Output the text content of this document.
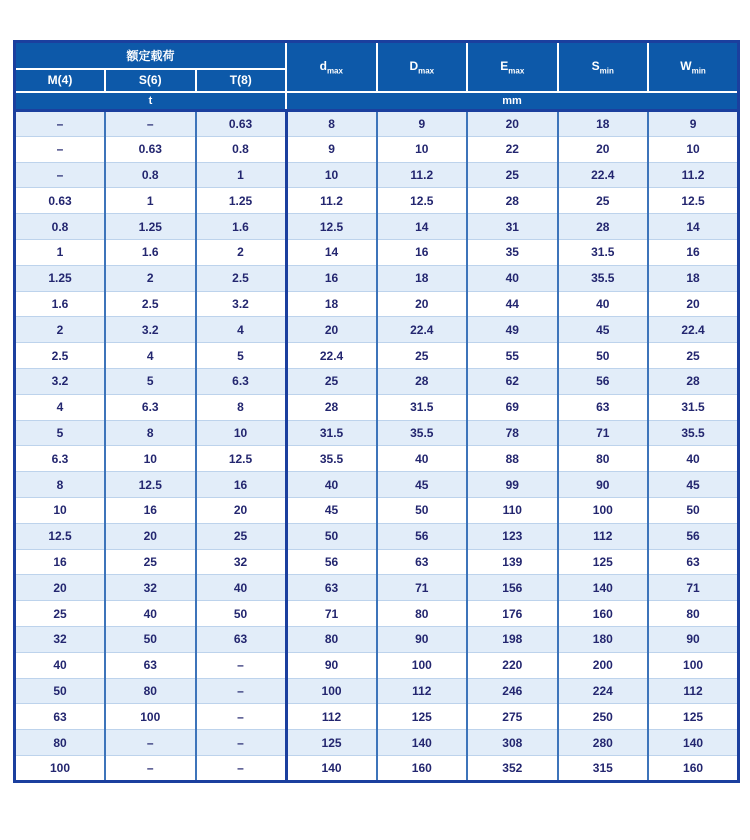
额定载荷			$d_{max}$	$D_{max}$	$E_{max}$	$S_{min}$	$W_{min}$
M(4)	S(6)	T(8)					
t			mm				
–	–	0.63	8	9	20	18	9
–	0.63	0.8	9	10	22	20	10
–	0.8	1	10	11.2	25	22.4	11.2
0.63	1	1.25	11.2	12.5	28	25	12.5
0.8	1.25	1.6	12.5	14	31	28	14
1	1.6	2	14	16	35	31.5	16
1.25	2	2.5	16	18	40	35.5	18
1.6	2.5	3.2	18	20	44	40	20
2	3.2	4	20	22.4	49	45	22.4
2.5	4	5	22.4	25	55	50	25
3.2	5	6.3	25	28	62	56	28
4	6.3	8	28	31.5	69	63	31.5
5	8	10	31.5	35.5	78	71	35.5
6.3	10	12.5	35.5	40	88	80	40
8	12.5	16	40	45	99	90	45
10	16	20	45	50	110	100	50
12.5	20	25	50	56	123	112	56
16	25	32	56	63	139	125	63
20	32	40	63	71	156	140	71
25	40	50	71	80	176	160	80
32	50	63	80	90	198	180	90
40	63	–	90	100	220	200	100
50	80	–	100	112	246	224	112
63	100	–	112	125	275	250	125
80	–	–	125	140	308	280	140
100	–	–	140	160	352	315	160
